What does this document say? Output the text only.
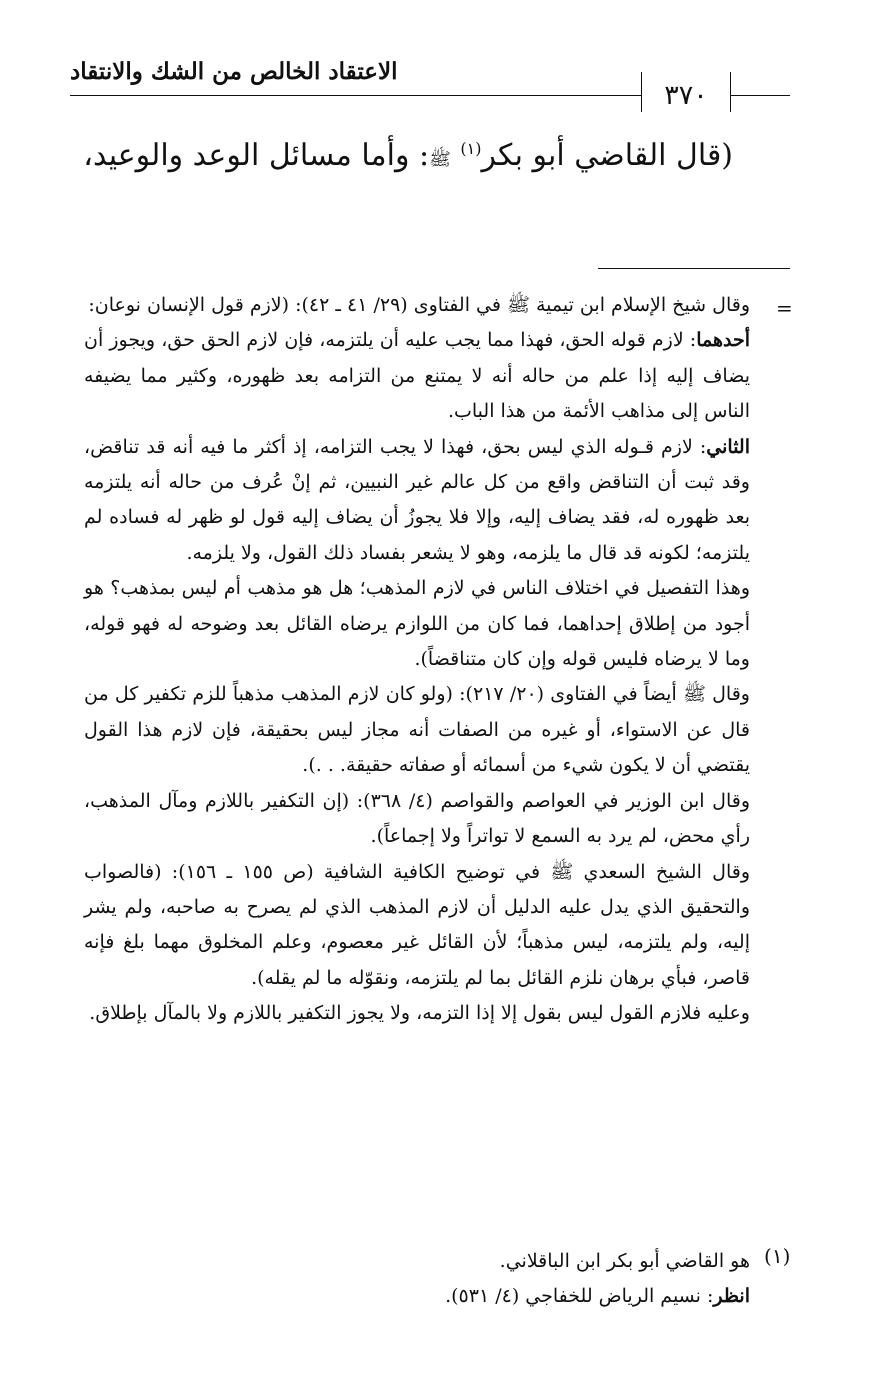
الاعتقاد الخالص من الشك والانتقاد
٣٧٠
(قال القاضي أبو بكر$^{(١)}$ ﷺ: وأما مسائل الوعد والوعيد،
=

وقال شيخ الإسلام ابن تيمية ﷺ في الفتاوى (٢٩/ ٤١ ـ ٤٢): (لازم قول الإنسان نوعان:

أحدهما: لازم قوله الحق، فهذا مما يجب عليه أن يلتزمه، فإن لازم الحق حق، ويجوز أن يضاف إليه إذا علم من حاله أنه لا يمتنع من التزامه بعد ظهوره، وكثير مما يضيفه الناس إلى مذاهب الأئمة من هذا الباب.

الثاني: لازم قـوله الذي ليس بحق، فهذا لا يجب التزامه، إذ أكثر ما فيه أنه قد تناقض، وقد ثبت أن التناقض واقع من كل عالم غير النبيين، ثم إنْ عُرف من حاله أنه يلتزمه بعد ظهوره له، فقد يضاف إليه، وإلا فلا يجوزُ أن يضاف إليه قول لو ظهر له فساده لم يلتزمه؛ لكونه قد قال ما يلزمه، وهو لا يشعر بفساد ذلك القول، ولا يلزمه.

وهذا التفصيل في اختلاف الناس في لازم المذهب؛ هل هو مذهب أم ليس بمذهب؟ هو أجود من إطلاق إحداهما، فما كان من اللوازم يرضاه القائل بعد وضوحه له فهو قوله، وما لا يرضاه فليس قوله وإن كان متناقضاً).

وقال ﷺ أيضاً في الفتاوى (٢٠/ ٢١٧): (ولو كان لازم المذهب مذهباً للزم تكفير كل من قال عن الاستواء، أو غيره من الصفات أنه مجاز ليس بحقيقة، فإن لازم هذا القول يقتضي أن لا يكون شيء من أسمائه أو صفاته حقيقة. . .).

وقال ابن الوزير في العواصم والقواصم (٤/ ٣٦٨): (إن التكفير باللازم ومآل المذهب، رأي محض، لم يرد به السمع لا تواتراً ولا إجماعاً).

وقال الشيخ السعدي ﷺ في توضيح الكافية الشافية (ص ١٥٥ ـ ١٥٦): (فالصواب والتحقيق الذي يدل عليه الدليل أن لازم المذهب الذي لم يصرح به صاحبه، ولم يشر إليه، ولم يلتزمه، ليس مذهباً؛ لأن القائل غير معصوم، وعلم المخلوق مهما بلغ فإنه قاصر، فبأي برهان نلزم القائل بما لم يلتزمه، ونقوّله ما لم يقله).

وعليه فلازم القول ليس بقول إلا إذا التزمه، ولا يجوز التكفير باللازم ولا بالمآل بإطلاق.

(١)

هو القاضي أبو بكر ابن الباقلاني.

انظر: نسيم الرياض للخفاجي (٤/ ٥٣١).
